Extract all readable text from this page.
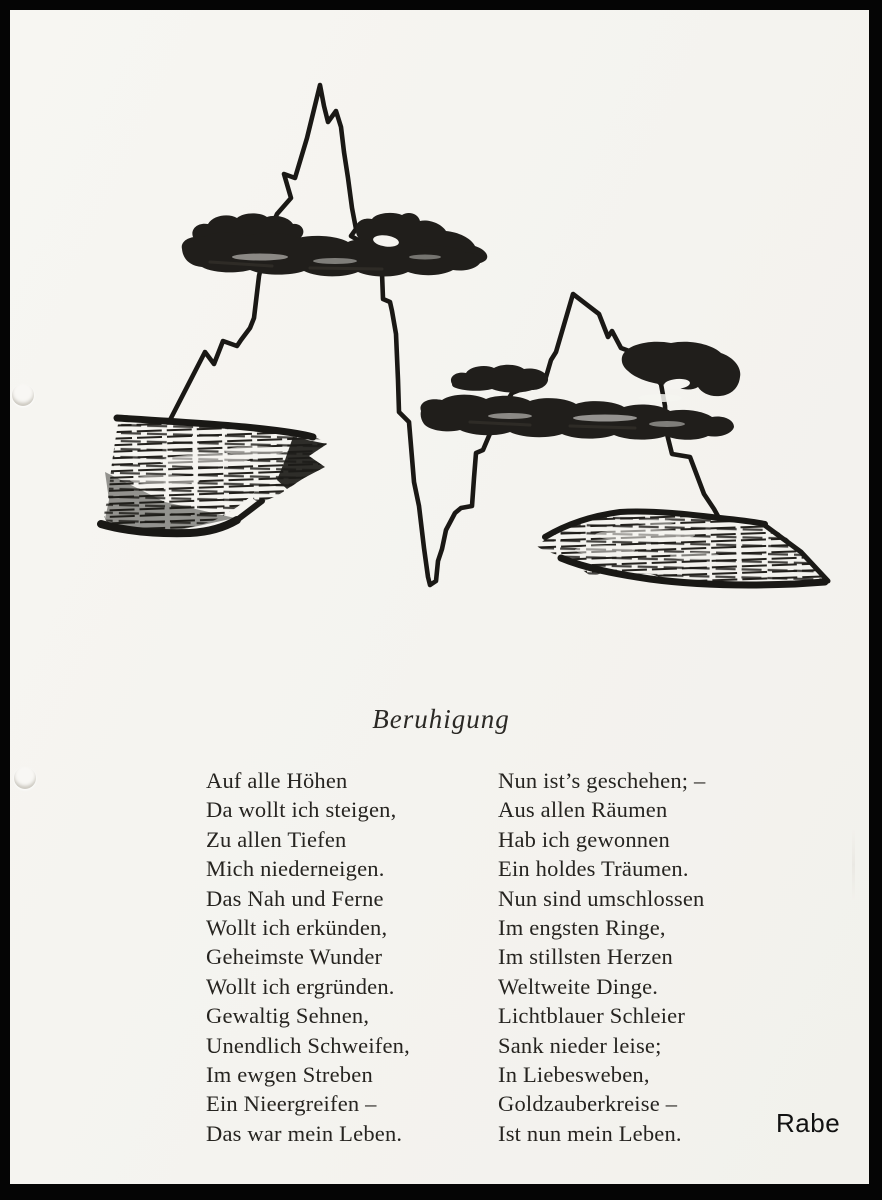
Beruhigung
Auf alle Höhen
Da wollt ich steigen,
Zu allen Tiefen
Mich niederneigen.
Das Nah und Ferne
Wollt ich erkünden,
Geheimste Wunder
Wollt ich ergründen.
Gewaltig Sehnen,
Unendlich Schweifen,
Im ewgen Streben
Ein Nieergreifen –
Das war mein Leben.
Nun ist’s geschehen; –
Aus allen Räumen
Hab ich gewonnen
Ein holdes Träumen.
Nun sind umschlossen
Im engsten Ringe,
Im stillsten Herzen
Weltweite Dinge.
Lichtblauer Schleier
Sank nieder leise;
In Liebesweben,
Goldzauberkreise –
Ist nun mein Leben.	Rabe
